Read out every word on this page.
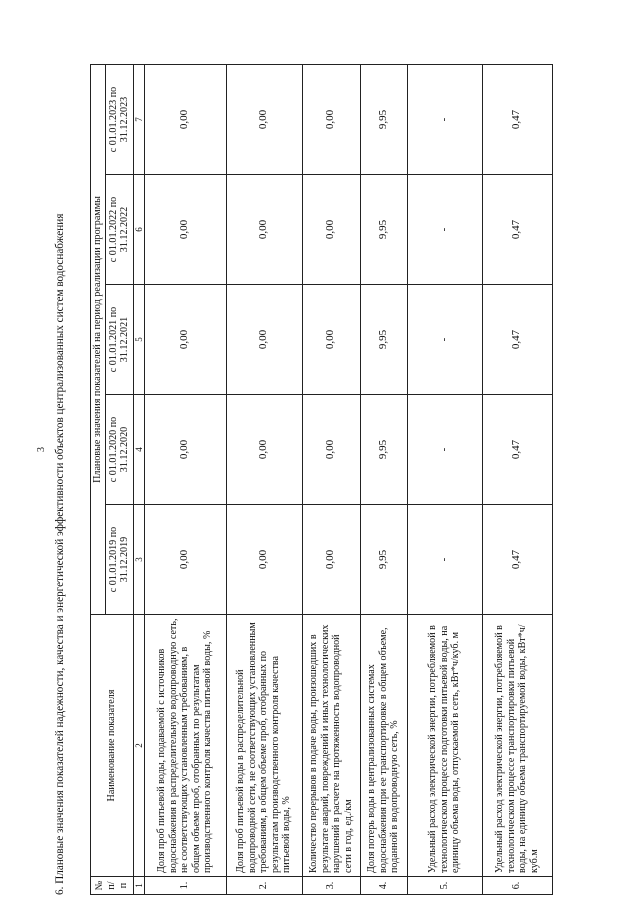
3 6. Плановые значения показателей надежности, качества и энергетической эффективности объектов централизованных систем водоснабжения	№ п/п	Наименование показателя	Плановые значения показателей на период реализации программы				
		с 01.01.2019 по 31.12.2019	с 01.01.2020 по 31.12.2020	с 01.01.2021 по 31.12.2021	с 01.01.2022 по 31.12.2022	с 01.01.2023 по 31.12.2023
1	2	3	4	5	6	7
1.	Доля проб питьевой воды, подаваемой с источников водоснабжения в распределительную водопроводную сеть, не соответствующих установленным требованиям, в общем объеме проб, отобранных по результатам производственного контроля качества питьевой воды, %	0,00	0,00	0,00	0,00	0,00
2.	Доля проб питьевой воды в распределительной водопроводной сети, не соответствующих установленным требованиям, в общем объеме проб, отобранных по результатам производственного контроля качества питьевой воды, %	0,00	0,00	0,00	0,00	0,00
3.	Количество перерывов в подаче воды, произошедших в результате аварий, повреждений и иных технологических нарушений в расчете на протяженность водопроводной сети в год, ед./км	0,00	0,00	0,00	0,00	0,00
4.	Доля потерь воды в централизованных системах водоснабжения при ее транспортировке в общем объеме, поданной в водопроводную сеть, %	9,95	9,95	9,95	9,95	9,95
5.	Удельный расход электрической энергии, потребляемой в технологическом процессе подготовки питьевой воды, на единицу объема воды, отпускаемой в сеть, кВт*ч/куб. м	-	-	-	-	-
6.	Удельный расход электрической энергии, потребляемой в технологическом процессе транспортировки питьевой воды, на единицу объема транспортируемой воды, кВт*ч/куб.м	0,47	0,47	0,47	0,47	0,47
